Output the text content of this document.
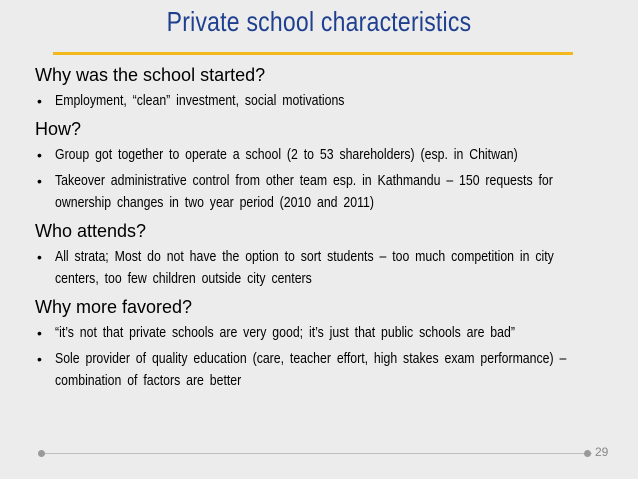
Private school characteristics
Why was the school started?
• Employment, “clean” investment, social motivations
How?
• Group got together to operate a school (2 to 53 shareholders) (esp. in Chitwan)
• Takeover administrative control from other team esp. in Kathmandu – 150 requests for ownership changes in two year period (2010 and 2011)
Who attends?
• All strata; Most do not have the option to sort students – too much competition in city centers, too few children outside city centers
Why more favored?
• “it’s not that private schools are very good; it’s just that public schools are bad”
• Sole provider of quality education (care, teacher effort, high stakes exam performance) – combination of factors are better
29
